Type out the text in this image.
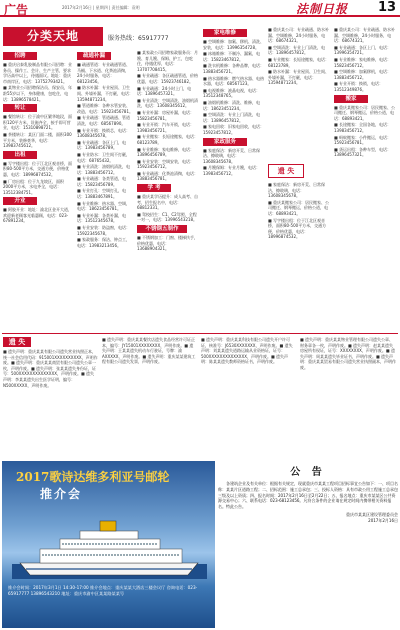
广告	2017年2月16日 | 星期四 | 责任编辑：袁明	法制日报 13
分类天地	服务热线：65917777
招聘
■ 重庆启泰乳胶制品有限公司招聘：业务员、操作工、会计、生产主管，要求学历高中以上，待遇面议。地址：重庆市南岸区，电话：13752793421。
■ 某物业公司招聘保洁员、保安员，年龄55岁以下，身体健康，包吃住，电话：13896578421。
转让
■ 餐馆转让：位于渝中区繁华地段，面积120平方米，设施齐全，接手即可营业，电话：15310898721。
■ 茶楼转让：某区门面二楼，面积300平方米，装修豪华，电话：13983745612。
出租
■ 写字楼出租：位于江北区观音桥，面积80-500平方米，交通方便，价格优惠，电话：18996874532。
■ 厂房出租：位于九龙坡区，面积2000平方米，水电齐全，电话：13512384751。
开业
■ 阿胶开业：地址：渝北区金开大道，欢迎新老顾客光临惠顾，电话：023-67891234。
疏通补漏
■ 疏通管道：专业疏通管道、马桶、下水道、化粪池清掏，24小时服务，电话：68123456。
■ 防水补漏：专业屋顶、卫生间、外墙补漏，不打砸，电话：13594871234。
■ 管道维修：各种水管安装、改造，电话：15923456781。
■ 专业疏通：管道疏通、管道清洗，电话：68567890。
■ 专业开锁：换锁芯，电话：13608345678。
■ 专业疏通：各区上门，电话：13983456789。
■ 专业防水：卫生间不打砸，电话：68765432。
■ 专业清洗：油烟机清洗，电话：13883456712。
■ 专业疏通：各类管道，电话：15823456789。
■ 专业打孔：空调打孔，电话：13883467891。
■ 专业维修：热水器、空调，电话：18623456781。
■ 专业补漏：各类补漏，电话：13512345678。
■ 专业安装：防盗窗，电话：15922345678。
■ 家政服务：保洁、钟点工，电话：13983213456。
■ 某家政公司招聘家政服务员：月嫂、育儿嫂、保姆、护工，包吃住，待遇优厚，电话：13707708415。
■ 专业疏通：各区疏通管道，价格优惠，电话：15923746182。
■ 专业疏通：24小时上门，电话：13896457321。
■ 专业清洗：空调清洗、油烟机清洗，电话：13608345612。
■ 专业补漏：房屋补漏，电话：15823456781。
■ 专业开锁：汽车开锁，电话：13983456721。
■ 专业搬家：长短途搬家，电话：68123789。
■ 专业维修：家电维修，电话：13896456789。
■ 专业安装：空调安装，电话：15923456712。
■ 专业疏通：化粪池清掏，电话：13883456781。
学 考
■ 重庆某学历提升：成人高考、自考，招生报名中，电话：68812331。
■ 驾校招生：C1、C2驾照，全程一对一，电话：13996543218。
不锈钢五制作
■ 不锈钢加工：门窗、楼梯扶手，价格优惠，电话：13688904321。
家电维修
■ 空调维修：加氟、移机、清洗、安装，电话：13996354728。
■ 冰箱维修：不制冷、漏氟，电话：15823467812。
■ 洗衣机维修：各种品牌，电话：13883456721。
■ 热水器维修：燃气热水器、电热水器，电话：68567123。
■ 电视维修：液晶电视，电话：13512348765。
■ 油烟机维修：清洗、维修，电话：18623451234。
■ 空调清洗：专业上门清洗，电话：13896457812。
■ 家电回收：旧家电回收，电话：15923457812。
家政服务
■ 家庭保洁：新房开荒、日常保洁、擦玻璃，电话：13608345678。
■ 月嫂保姆：专业月嫂，电话：13983456712。
■ 重庆某公司：专业疏通、防水补漏、空调维修，24小时服务，电话：68674321。
■ 专业疏通：各区上门，电话：13996354721。
■ 专业维修：家电维修，电话：15823456712。
■ 空调维修：加氟移机，电话：13883456712。
■ 专业开锁：换锁，电话：13512349876。
搬家
■ 重庆某搬家公司：居民搬家、公司搬迁、钢琴搬运，价格公道，电话：68893421。
■ 长途搬家：全国各地，电话：13983456712。
■ 蚂蚁搬家：小件搬运，电话：15923456781。
■ 货运出租：各种车型，电话：13896457321。
■ 重庆某公司：专业疏通、防水补漏、空调维修，24小时服务，电话：68674321。
■ 空调清洗：专业上门清洗，电话：13896457812。
■ 专业搬家：长短途搬家，电话：68123789。
■ 防水补漏：专业屋顶、卫生间、外墙补漏，不打砸，电话：13594871234。
遗 失
■ 家庭保洁：新房开荒、日常保洁、擦玻璃，电话：13608345678。
■ 重庆某搬家公司：居民搬家、公司搬迁、钢琴搬运，价格公道，电话：68893421。
■ 写字楼出租：位于江北区观音桥，面积80-500平方米，交通方便，价格优惠，电话：18996874532。
遗 失

■ 遗失声明：重庆某某有限公司遗失营业执照正本，统一社会信用代码：915001XXXXXXXXXX，声明作废。■ 遗失声明：重庆某某商贸有限公司遗失公章一枚，声明作废。■ 遗失声明：张某某遗失身份证，证号：500XXXXXXXXXXXXXX，声明作废。■ 遗失声明：李某某遗失出生医学证明，编号：N500XXXXX，声明作废。

■ 遗失声明：重庆某某餐饮店遗失食品经营许可证正本，编号：JY15001XXXXXXXX，声明作废。■ 遗失声明：王某某遗失机动车行驶证，号牌：渝AXXXXX，声明作废。■ 遗失声明：重庆某某建筑工程有限公司遗失发票，声明作废。

■ 遗失声明：重庆某某科技有限公司遗失开户许可证，核准号：J6530XXXXXXX，声明作废。■ 遗失声明：刘某某遗失道路运输从业资格证，证号：500XXXXXXXXXXXXXX，声明作废。■ 遗失声明：陈某某遗失教师资格证书，声明作废。

■ 遗失声明：重庆某某物业管理有限公司遗失公章、财务章各一枚，声明作废。■ 遗失声明：赵某某遗失房屋所有权证，证号：XXXXXXXX，声明作废。■ 遗失声明：周某某遗失毕业证书，声明作废。■ 遗失声明：重庆某某贸易有限公司遗失营业执照副本，声明作废。

2017歌诗达维多利亚号邮轮
推介会
推介会时间：2017年3月1日 14:30-17:00 推介会地点：重庆某某大酒店三楼会议厅 咨询电话：023-65917777 13896543210 地址：重庆市渝中区某某路某某号
公 告
各建筑企业及有关单位：根据有关规定，现就重庆市某某工程项目招标事宜公告如下：一、项目名称：某某片区道路工程；二、招标范围：施工总承包；三、投标人资格：具有市政公用工程施工总承包三级及以上资质；四、报名时间：2017年2月16日至2月22日；五、报名地点：重庆市某某区公共资源交易中心；六、联系电话：023-68123456。凡符合条件的企业请在规定时间内携带相关资料报名。特此公告。
重庆市某某区建设管理委员会
2017年2月16日
